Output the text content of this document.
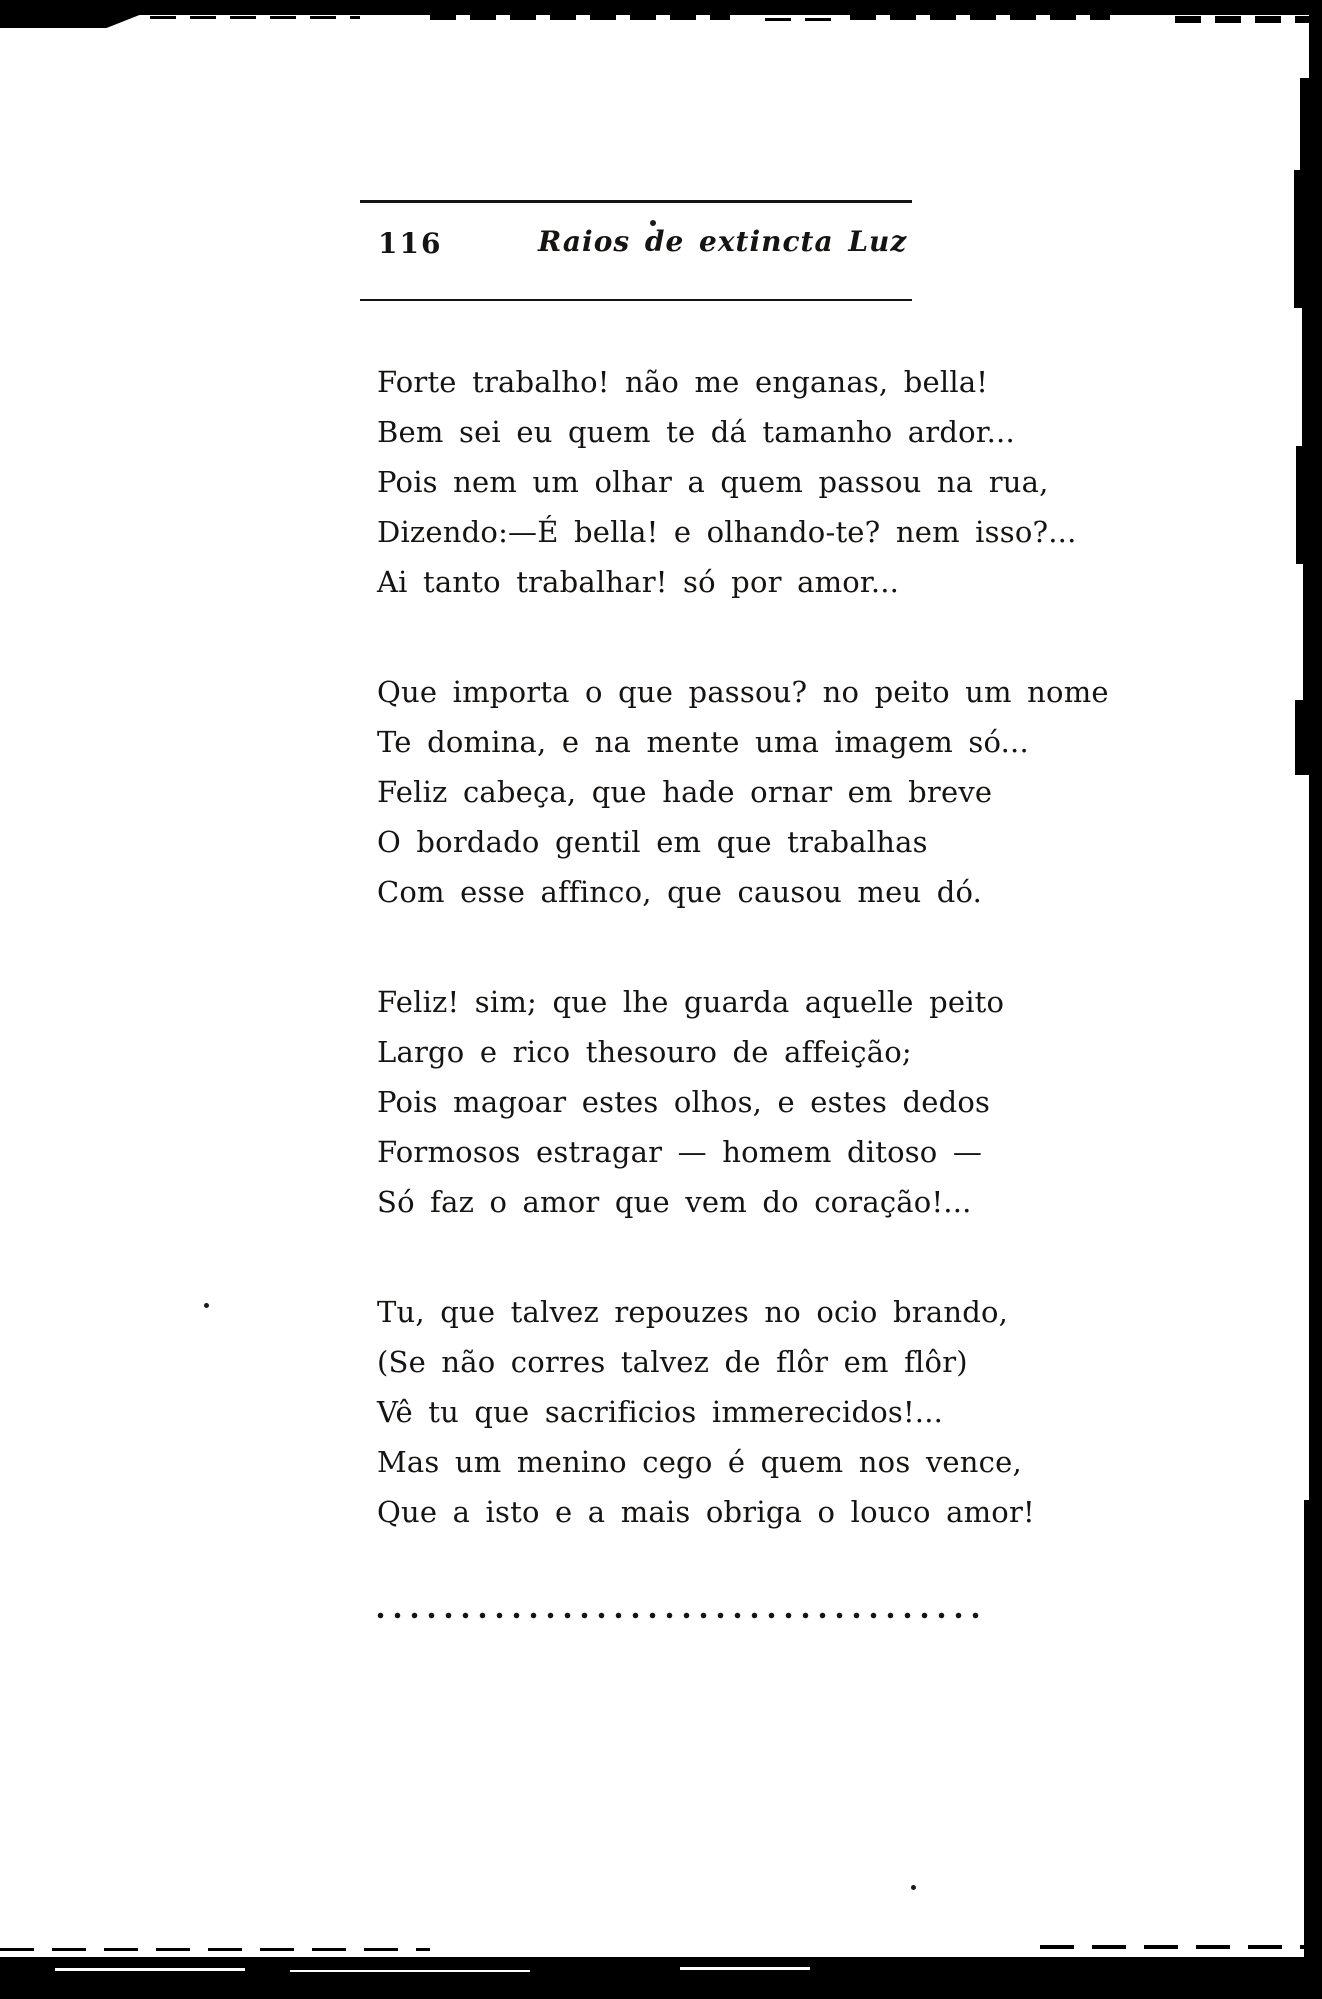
116	Raios de extincta Luz

Forte trabalho! não me enganas, bella!

Bem sei eu quem te dá tamanho ardor...

Pois nem um olhar a quem passou na rua,

Dizendo:—É bella! e olhando-te? nem isso?...

Ai tanto trabalhar! só por amor...

Que importa o que passou? no peito um nome

Te domina, e na mente uma imagem só...

Feliz cabeça, que hade ornar em breve

O bordado gentil em que trabalhas

Com esse affinco, que causou meu dó.

Feliz! sim; que lhe guarda aquelle peito

Largo e rico thesouro de affeição;

Pois magoar estes olhos, e estes dedos

Formosos estragar — homem ditoso —

Só faz o amor que vem do coração!...

Tu, que talvez repouzes no ocio brando,

(Se não corres talvez de flôr em flôr)

Vê tu que sacrificios immerecidos!...

Mas um menino cego é quem nos vence,

Que a isto e a mais obriga o louco amor!
